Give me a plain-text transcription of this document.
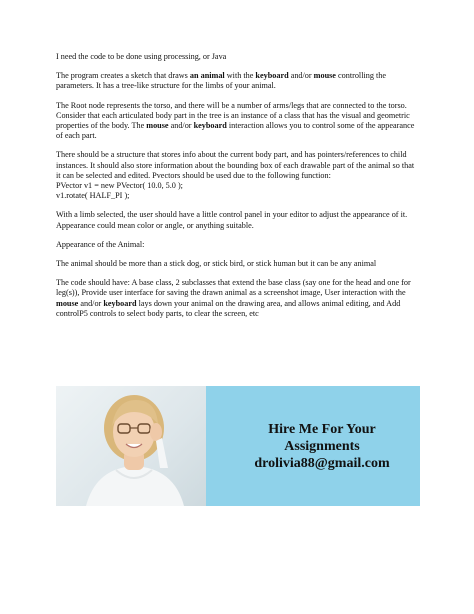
I need the code to be done using processing, or Java

The program creates a sketch that draws an animal with the keyboard and/or mouse controlling the parameters. It has a tree-like structure for the limbs of your animal.

The Root node represents the torso, and there will be a number of arms/legs that are connected to the torso. Consider that each articulated body part in the tree is an instance of a class that has the visual and geometric properties of the body. The mouse and/or keyboard interaction allows you to control some of the appearance of each part.

There should be a structure that stores info about the current body part, and has pointers/references to child instances. It should also store information about the bounding box of each drawable part of the animal so that it can be selected and edited. Pvectors should be used due to the following function:
PVector v1 = new PVector( 10.0, 5.0 );
v1.rotate( HALF_PI );

With a limb selected, the user should have a little control panel in your editor to adjust the appearance of it. Appearance could mean color or angle, or anything suitable.

Appearance of the Animal:

The animal should be more than a stick dog, or stick bird, or stick human but it can be any animal

The code should have: A base class, 2 subclasses that extend the base class (say one for the head and one for leg(s)), Provide user interface for saving the drawn animal as a screenshot image, User interaction with the mouse and/or keyboard lays down your animal on the drawing area, and allows animal editing, and Add controlP5 controls to select body parts, to clear the screen, etc

Hire Me For Your
Assignments
drolivia88@gmail.com
